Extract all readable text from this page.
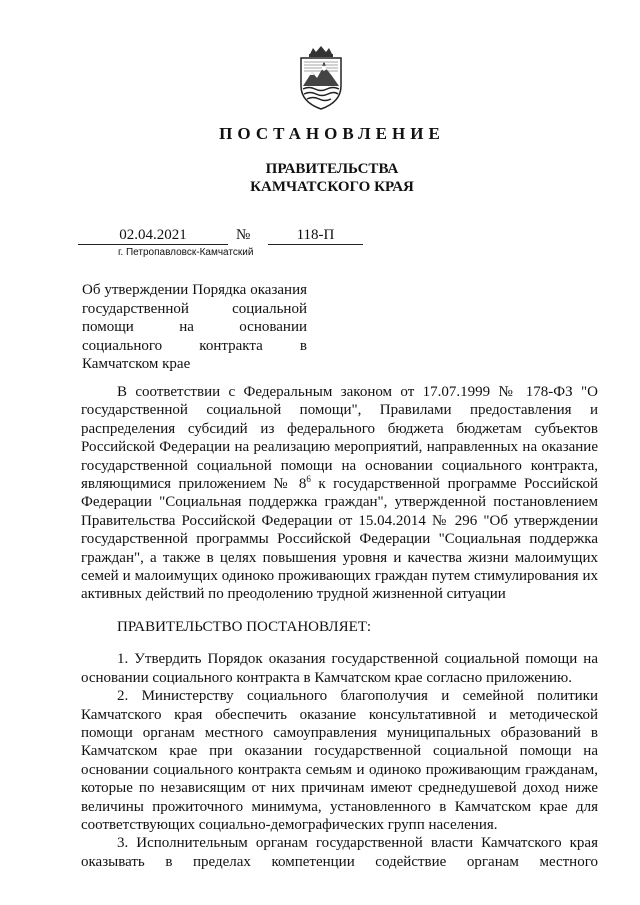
ПОСТАНОВЛЕНИЕ
ПРАВИТЕЛЬСТВА
КАМЧАТСКОГО КРАЯ
02.04.2021	№	118-П
г. Петропавловск-Камчатский
Об утверждении Порядка оказания государственной социальной помощи на основании социального контракта в Камчатском крае

В соответствии с Федеральным законом от 17.07.1999 № 178-ФЗ "О государственной социальной помощи", Правилами предоставления и распределения субсидий из федерального бюджета бюджетам субъектов Российской Федерации на реализацию мероприятий, направленных на оказание государственной социальной помощи на основании социального контракта, являющимися приложением № $8^6$ к государственной программе Российской Федерации "Социальная поддержка граждан", утвержденной постановлением Правительства Российской Федерации от 15.04.2014 № 296 "Об утверждении государственной программы Российской Федерации "Социальная поддержка граждан", а также в целях повышения уровня и качества жизни малоимущих семей и малоимущих одиноко проживающих граждан путем стимулирования их активных действий по преодолению трудной жизненной ситуации

ПРАВИТЕЛЬСТВО ПОСТАНОВЛЯЕТ:

1. Утвердить Порядок оказания государственной социальной помощи на основании социального контракта в Камчатском крае согласно приложению.

2. Министерству социального благополучия и семейной политики Камчатского края обеспечить оказание консультативной и методической помощи органам местного самоуправления муниципальных образований в Камчатском крае при оказании государственной социальной помощи на основании социального контракта семьям и одиноко проживающим гражданам, которые по независящим от них причинам имеют среднедушевой доход ниже величины прожиточного минимума, установленного в Камчатском крае для соответствующих социально-демографических групп населения.

3. Исполнительным органам государственной власти Камчатского края оказывать в пределах компетенции содействие органам местного
